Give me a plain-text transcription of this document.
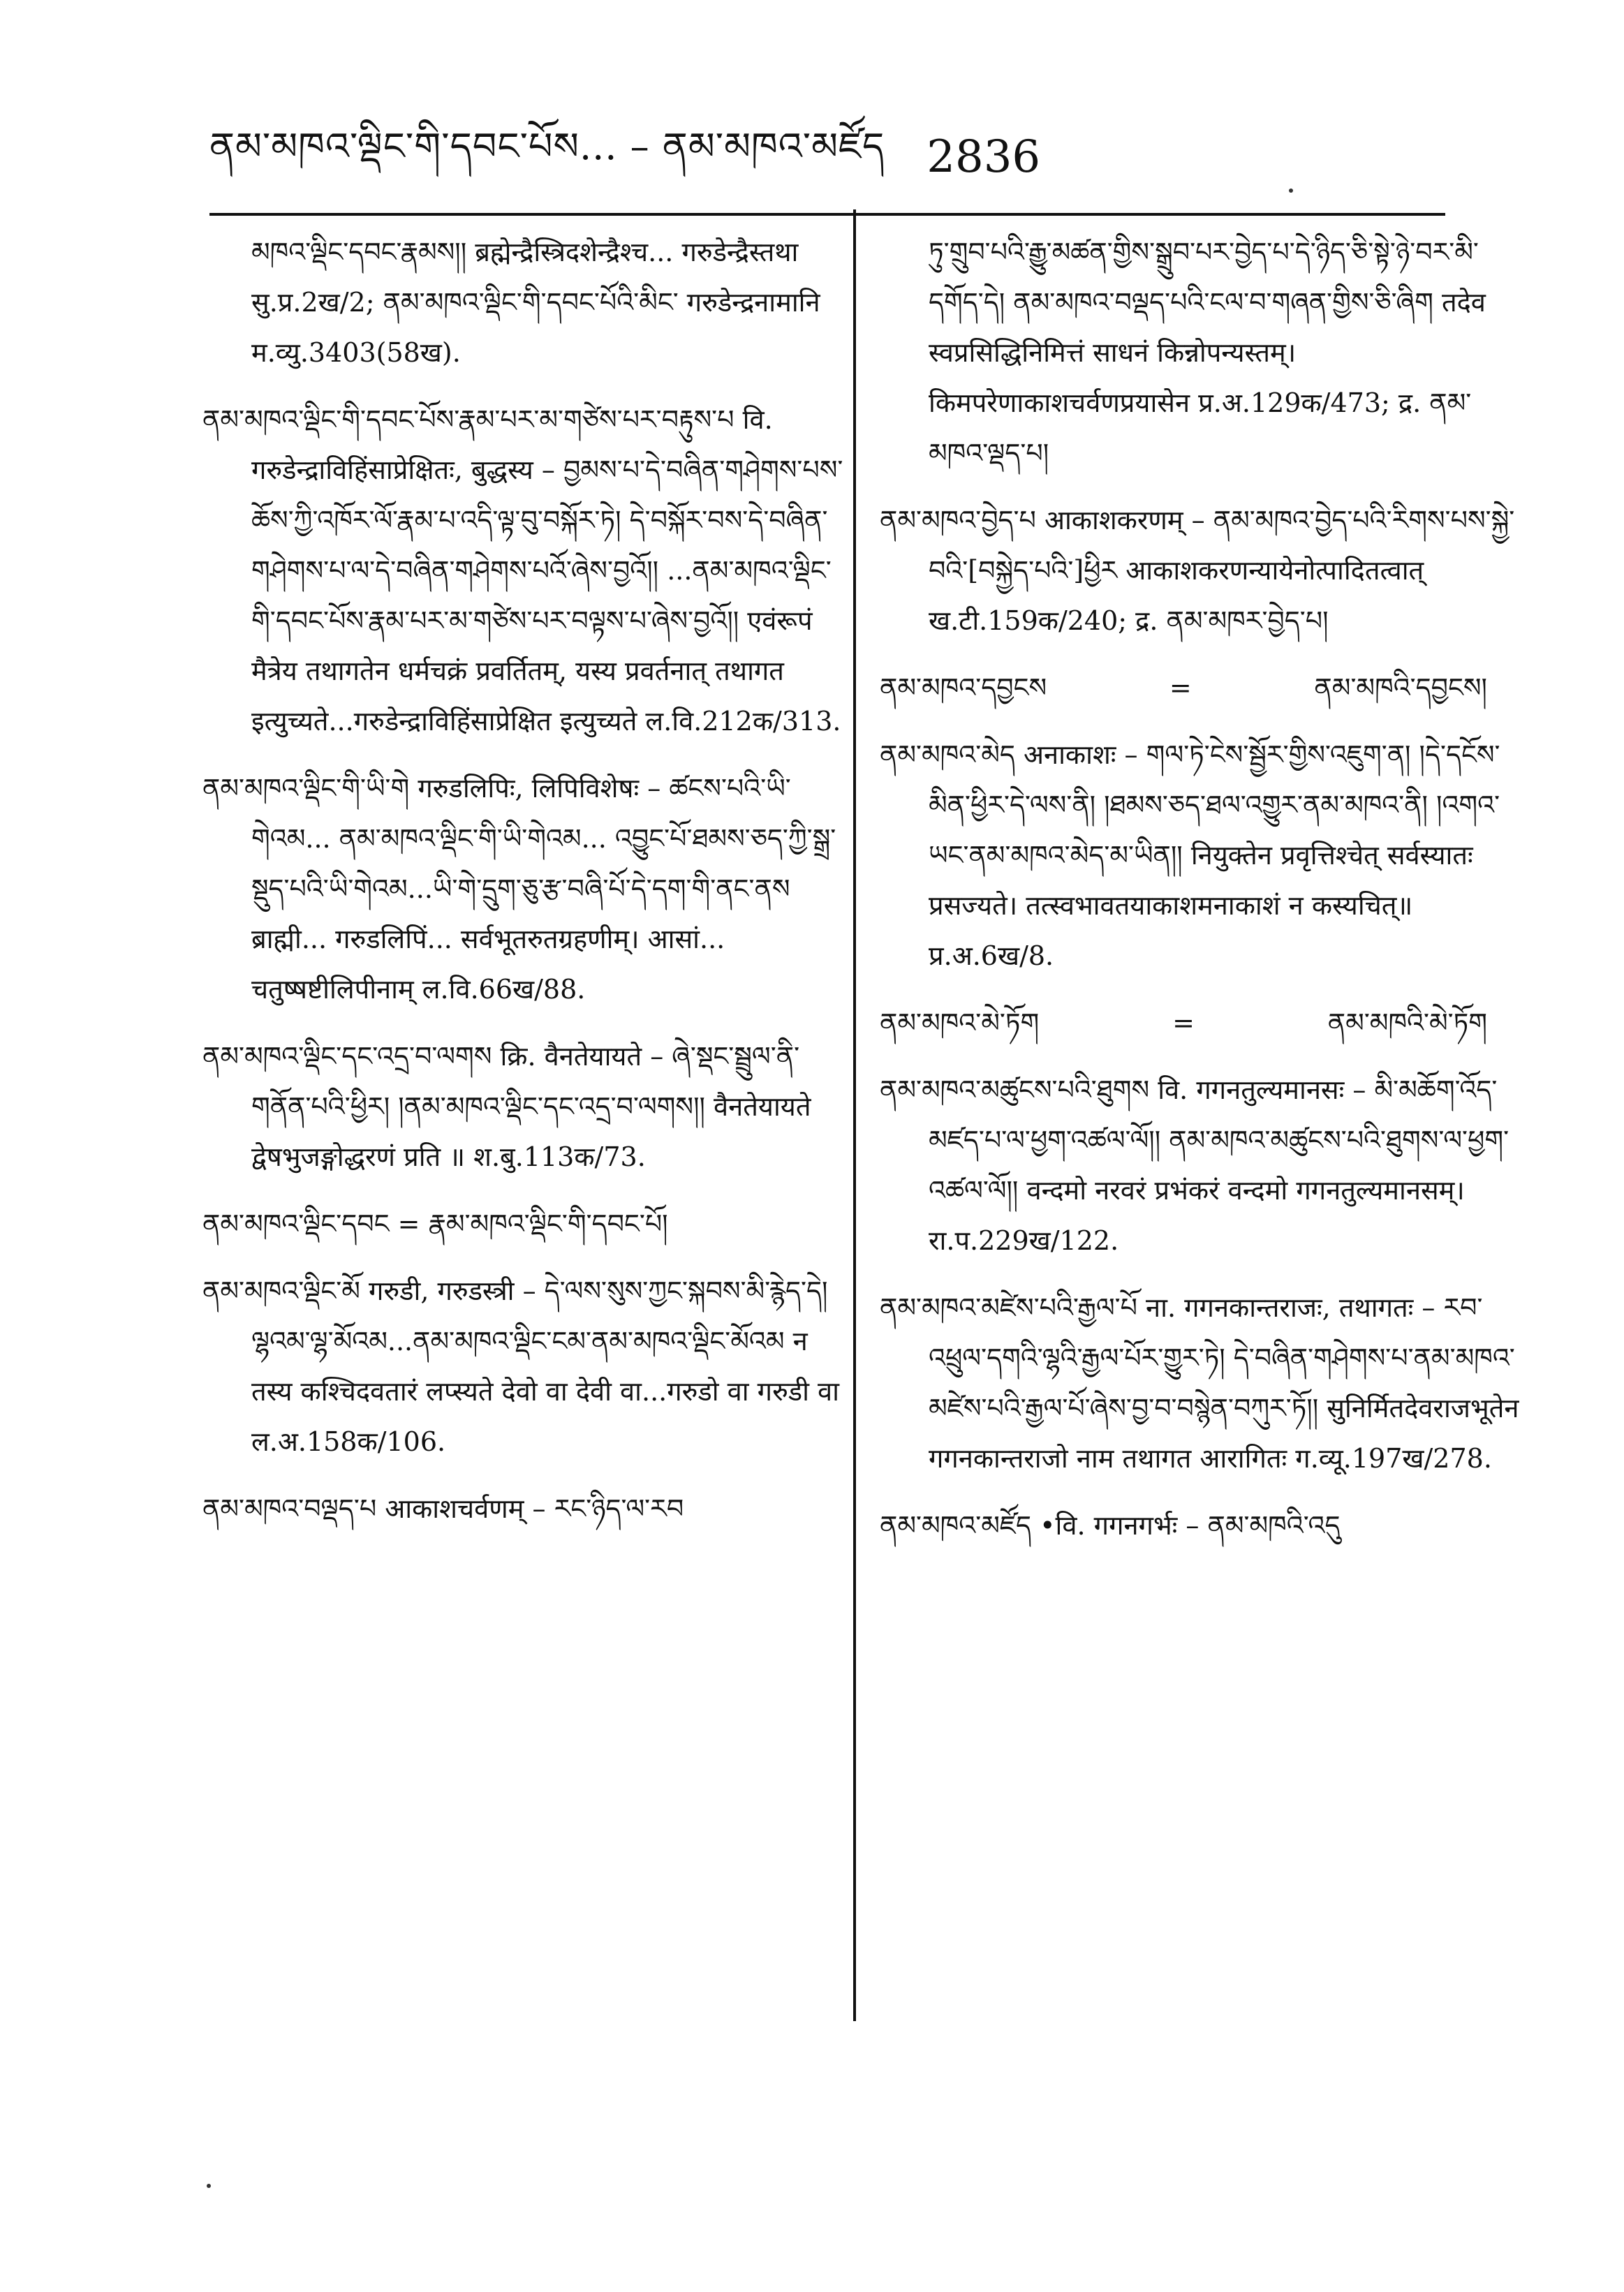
ནམ་མཁའ་ལྡིང་གི་དབང་པོས... – ནམ་མཁའ་མཛོད 2836

མཁའ་ལྡིང་དབང་རྣམས།། ब्रह्मेन्द्रैस्त्रिदशेन्द्रैश्च... गरुडेन्द्रैस्तथा सु.प्र.2ख/2; ནམ་མཁའ་ལྡིང་གི་དབང་པོའི་མིང་ गरुडेन्द्रनामानि म.व्यु.3403(58ख).

ནམ་མཁའ་ལྡིང་གི་དབང་པོས་རྣམ་པར་མ་གཙེས་པར་བརྟུས་པ वि. गरुडेन्द्राविहिंसाप्रेक्षितः, बुद्धस्य – བྱམས་པ་དེ་བཞིན་གཤེགས་པས་ཆོས་ཀྱི་འཁོར་ལོ་རྣམ་པ་འདི་ལྟ་བུ་བསྐོར་ཏེ། དེ་བསྐོར་བས་དེ་བཞིན་གཤེགས་པ་ལ་དེ་བཞིན་གཤེགས་པའོ་ཞེས་བྱའོ།། ...ནམ་མཁའ་ལྡིང་གི་དབང་པོས་རྣམ་པར་མ་གཙེས་པར་བལྟས་པ་ཞེས་བྱའོ།། एवंरूपं मैत्रेय तथागतेन धर्मचक्रं प्रवर्तितम्, यस्य प्रवर्तनात् तथागत इत्युच्यते...गरुडेन्द्राविहिंसाप्रेक्षित इत्युच्यते ल.वि.212क/313.

ནམ་མཁའ་ལྡིང་གི་ཡི་གེ गरुडलिपिः, लिपिविशेषः – ཚངས་པའི་ཡི་གེའམ... ནམ་མཁའ་ལྡིང་གི་ཡི་གེའམ... འབྱུང་པོ་ཐམས་ཅད་ཀྱི་སྒྲ་སྡུད་པའི་ཡི་གེའམ...ཡི་གེ་དྲུག་ཅུ་རྩ་བཞི་པོ་དེ་དག་གི་ནང་ནས ब्राह्मी... गरुडलिपिं... सर्वभूतरुतग्रहणीम्। आसां... चतुष्षष्टीलिपीनाम् ल.वि.66ख/88.

ནམ་མཁའ་ལྡིང་དང་འདྲ་བ་ལགས क्रि. वैनतेयायते – ཞེ་སྡང་སྦྲུལ་ནི་གནོན་པའི་ཕྱིར། །ནམ་མཁའ་ལྡིང་དང་འདྲ་བ་ལགས།། वैनतेयायते द्वेषभुजङ्गोद्धरणं प्रति ॥ श.बु.113क/73.

ནམ་མཁའ་ལྡིང་དབང = རྣམ་མཁའ་ལྡིང་གི་དབང་པོ།

ནམ་མཁའ་ལྡིང་མོ गरुडी, गरुडस्त्री – དེ་ལས་སུས་ཀྱང་སྐབས་མི་རྙེད་དེ། ལྷའམ་ལྷ་མོའམ...ནམ་མཁའ་ལྡིང་ངམ་ནམ་མཁའ་ལྡིང་མོའམ न तस्य कश्चिदवतारं लप्स्यते देवो वा देवी वा...गरुडो वा गरुडी वा ल.अ.158क/106.

ནམ་མཁའ་བལྡད་པ आकाशचर्वणम् – རང་ཉིད་ལ་རབ

ཏུ་གྲུབ་པའི་རྒྱུ་མཚན་གྱིས་སྒྲུབ་པར་བྱེད་པ་དེ་ཉིད་ཅི་སྟེ་ཉེ་བར་མི་དགོད་དེ། ནམ་མཁའ་བལྡད་པའི་ངལ་བ་གཞན་གྱིས་ཅི་ཞིག तदेव स्वप्रसिद्धिनिमित्तं साधनं किन्नोपन्यस्तम्। किमपरेणाकाशचर्वणप्रयासेन प्र.अ.129क/473; द्र. ནམ་མཁའ་ལྡད་པ།

ནམ་མཁའ་བྱེད་པ आकाशकरणम् – ནམ་མཁའ་བྱེད་པའི་རིགས་པས་སྐྱེ་བའི་[བསྐྱེད་པའི་]ཕྱིར आकाशकरणन्यायेनोत्पादितत्वात् ख.टी.159क/240; द्र. ནམ་མཁར་བྱེད་པ།

ནམ་མཁའ་དབྱངས	=	ནམ་མཁའི་དབྱངས།

ནམ་མཁའ་མེད अनाकाशः – གལ་ཏེ་ངེས་སྦྱོར་གྱིས་འཇུག་ན། །དེ་དངོས་མིན་ཕྱིར་དེ་ལས་ནི། །ཐམས་ཅད་ཐལ་འགྱུར་ནམ་མཁའ་ནི། །འགའ་ཡང་ནམ་མཁའ་མེད་མ་ཡིན།། नियुक्तेन प्रवृत्तिश्चेत् सर्वस्यातः प्रसज्यते। तत्स्वभावतयाकाशमनाकाशं न कस्यचित्॥ प्र.अ.6ख/8.

ནམ་མཁའ་མེ་ཏོག	=	ནམ་མཁའི་མེ་ཏོག

ནམ་མཁའ་མཚུངས་པའི་ཐུགས वि. गगनतुल्यमानसः – མི་མཆོག་འོད་མཛད་པ་ལ་ཕྱག་འཚལ་ལོ།། ནམ་མཁའ་མཚུངས་པའི་ཐུགས་ལ་ཕྱག་འཚལ་ལོ།། वन्दमो नरवरं प्रभंकरं वन्दमो गगनतुल्यमानसम्। रा.प.229ख/122.

ནམ་མཁའ་མཛེས་པའི་རྒྱལ་པོ ना. गगनकान्तराजः, तथागतः – རབ་འཕྲུལ་དགའི་ལྷའི་རྒྱལ་པོར་གྱུར་ཏེ། དེ་བཞིན་གཤེགས་པ་ནམ་མཁའ་མཛེས་པའི་རྒྱལ་པོ་ཞེས་བྱ་བ་བསྙེན་བཀུར་ཏོ།། सुनिर्मितदेवराजभूतेन गगनकान्तराजो नाम तथागत आरागितः ग.व्यू.197ख/278.

ནམ་མཁའ་མཛོད •वि. गगनगर्भः – ནམ་མཁའི་འདུ
